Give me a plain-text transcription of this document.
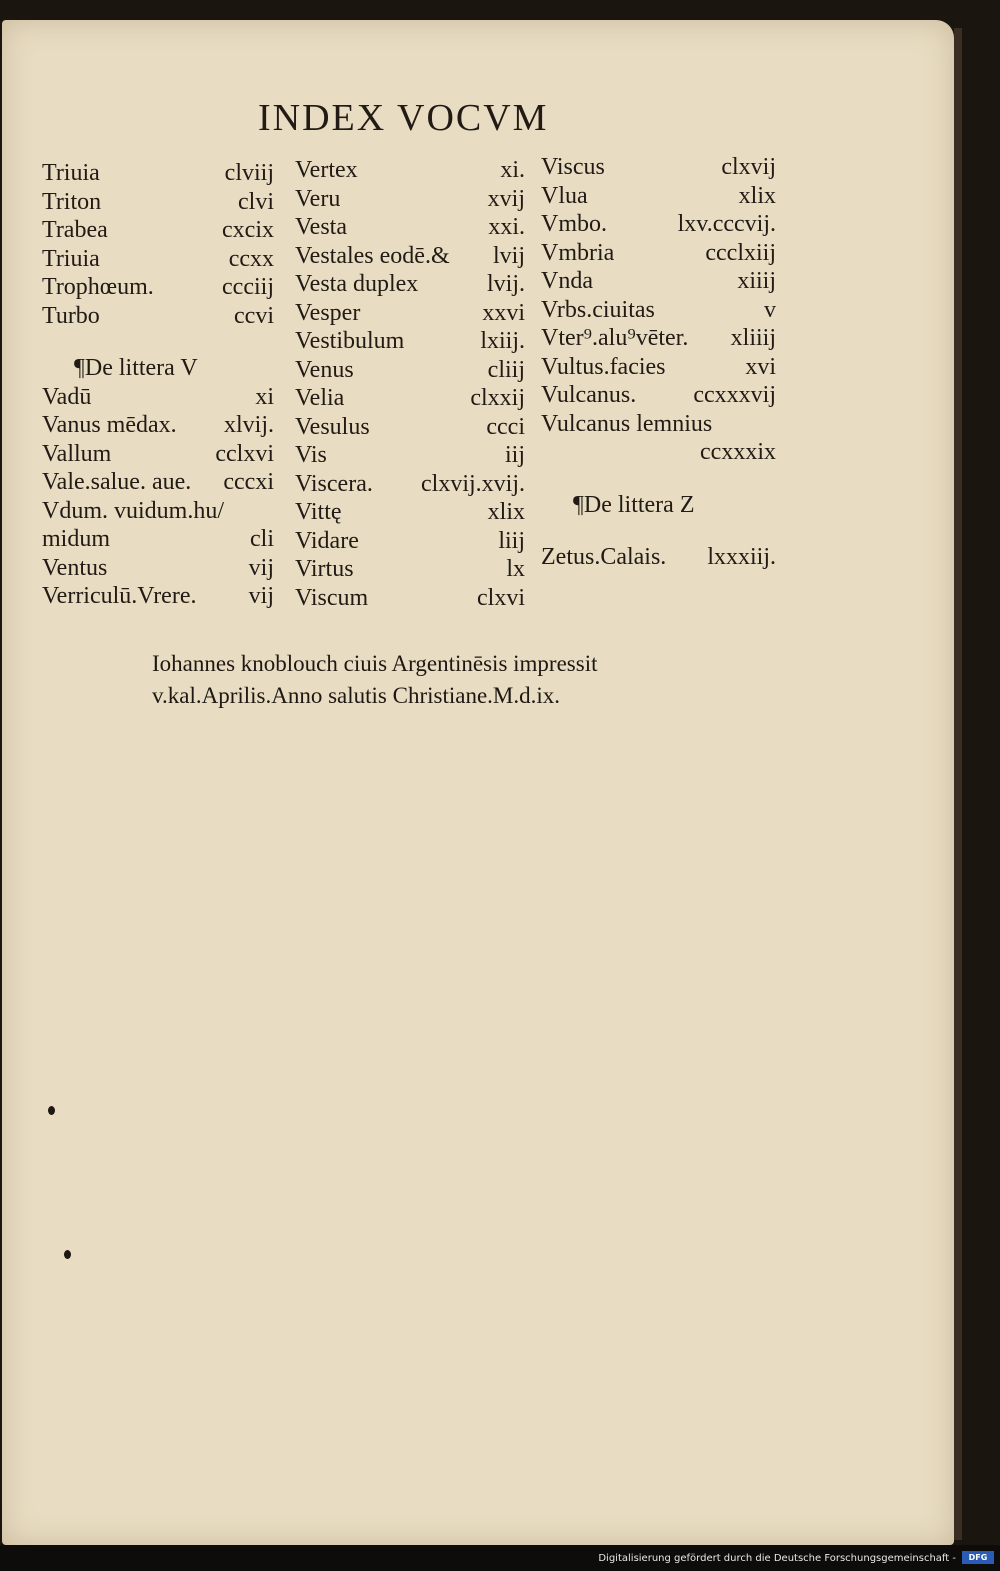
INDEX VOCVM
Triuia	clviij
Triton	clvi
Trabea	cxcix
Triuia	ccxx
Trophœum.	ccciij
Turbo	ccvi
¶De littera V
Vadū	xi
Vanus mēdax. xlvij.
Vallum	cclxvi
Vale.salue. aue. cccxi
Vdum. vuidum.hu/
midum	cli
Ventus	vij
Verriculū.Vrere. vij
Vertex	xi.
Veru	xvij
Vesta	xxi.
Vestales eodē.& lvij
Vesta duplex	lvij.
Vesper	xxvi
Vestibulum	lxiij.
Venus	cliij
Velia	clxxij
Vesulus	ccci
Vis	iij
Viscera. clxvij.xvij.
Vittę	xlix
Vidare	liij
Virtus	lx
Viscum	clxvi
Viscus	clxvij
Vlua	xlix
Vmbo.	lxv.cccvij.
Vmbria	ccclxiij
Vnda	xiiij
Vrbs.ciuitas	v
Vter⁹.alu⁹vēter. xliiij
Vultus.facies	xvi
Vulcanus. ccxxxvij
Vulcanus lemnius
ccxxxix
¶De littera Z
Zetus.Calais. lxxxiij.
Iohannes knoblouch ciuis Argentinēsis impressit
v.kal.Aprilis.Anno salutis Christiane.M.d.ix.
Digitalisierung gefördert durch die Deutsche Forschungsgemeinschaft -	DFG
